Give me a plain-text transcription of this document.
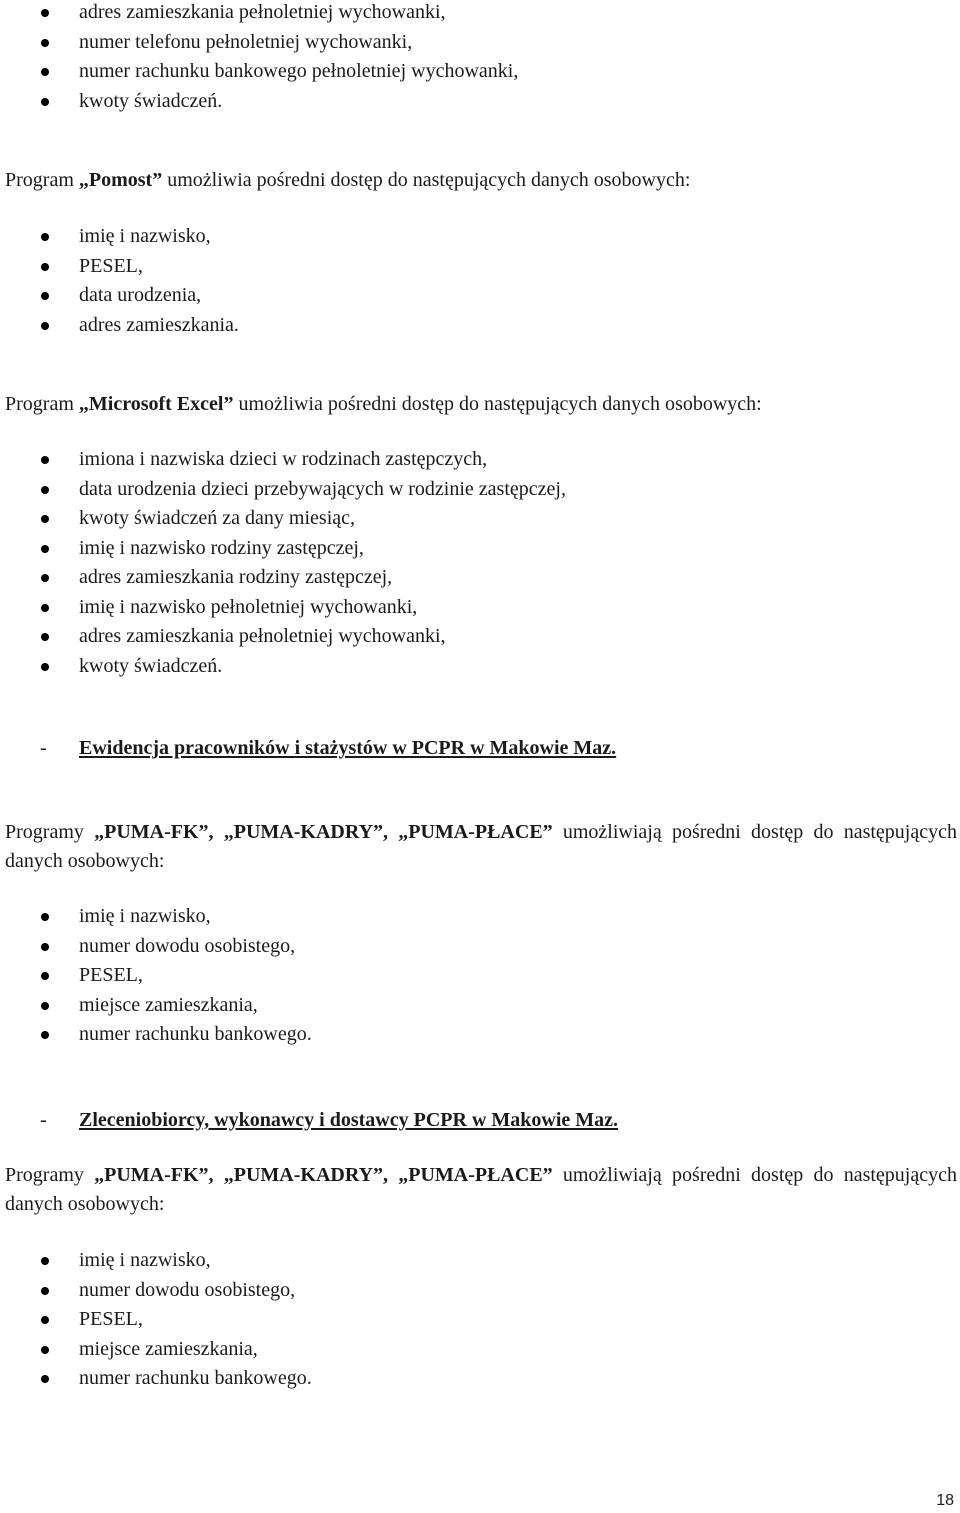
adres zamieszkania pełnoletniej wychowanki,
numer telefonu pełnoletniej wychowanki,
numer rachunku bankowego pełnoletniej wychowanki,
kwoty świadczeń.

Program „Pomost” umożliwia pośredni dostęp do następujących danych osobowych:

imię i nazwisko,
PESEL,
data urodzenia,
adres zamieszkania.

Program „Microsoft Excel” umożliwia pośredni dostęp do następujących danych osobowych:

imiona i nazwiska dzieci w rodzinach zastępczych,
data urodzenia dzieci przebywających w rodzinie zastępczej,
kwoty świadczeń za dany miesiąc,
imię i nazwisko rodziny zastępczej,
adres zamieszkania rodziny zastępczej,
imię i nazwisko pełnoletniej wychowanki,
adres zamieszkania pełnoletniej wychowanki,
kwoty świadczeń.
- Ewidencja pracowników i stażystów w PCPR w Makowie Maz.

Programy „PUMA-FK”, „PUMA-KADRY”, „PUMA-PŁACE” umożliwiają pośredni dostęp do następujących danych osobowych:

imię i nazwisko,
numer dowodu osobistego,
PESEL,
miejsce zamieszkania,
numer rachunku bankowego.
- Zleceniobiorcy, wykonawcy i dostawcy PCPR w Makowie Maz.

Programy „PUMA-FK”, „PUMA-KADRY”, „PUMA-PŁACE” umożliwiają pośredni dostęp do następujących danych osobowych:

imię i nazwisko,
numer dowodu osobistego,
PESEL,
miejsce zamieszkania,
numer rachunku bankowego.
18
